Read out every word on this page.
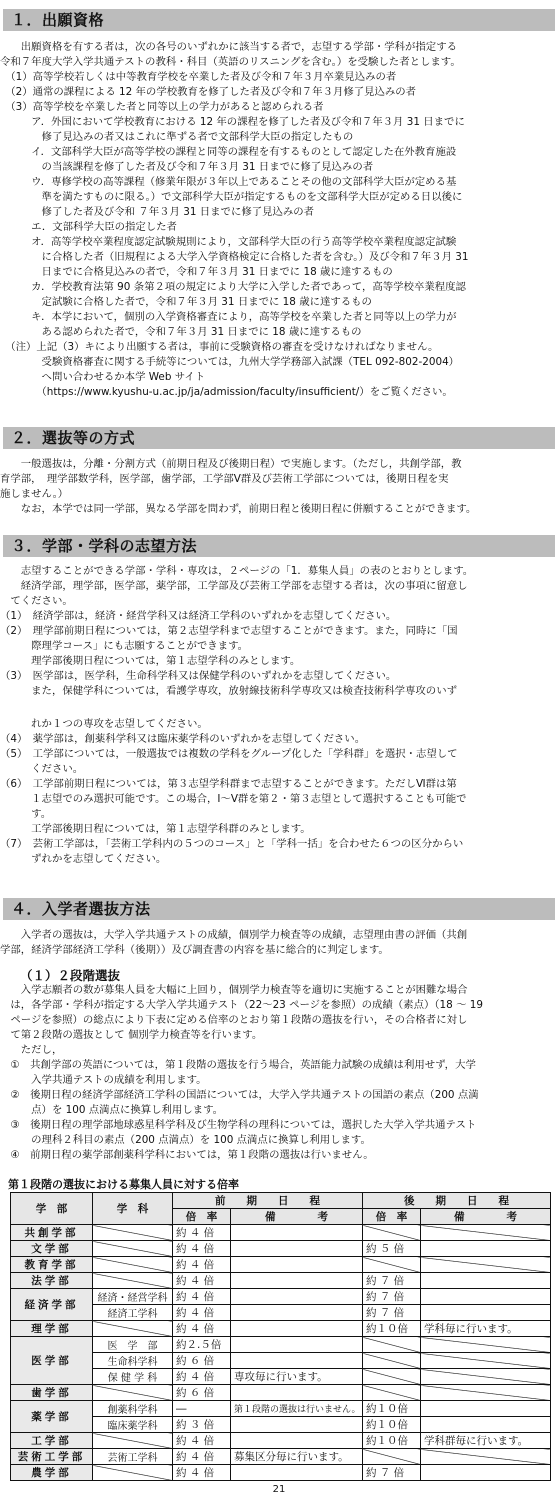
１．出願資格
　　出願資格を有する者は，次の各号のいずれかに該当する者で，志望する学部・学科が指定する
令和７年度大学入学共通テストの教科・科目（英語のリスニングを含む。）を受験した者とします。
　（1）高等学校若しくは中等教育学校を卒業した者及び令和７年３月卒業見込みの者
　（2）通常の課程による 12 年の学校教育を修了した者及び令和７年３月修了見込みの者
　（3）高等学校を卒業した者と同等以上の学力があると認められる者
　　　ア．外国において学校教育における 12 年の課程を修了した者及び令和７年３月 31 日までに
　　　　修了見込みの者又はこれに準ずる者で文部科学大臣の指定したもの
　　　イ．文部科学大臣が高等学校の課程と同等の課程を有するものとして認定した在外教育施設
　　　　の当該課程を修了した者及び令和７年３月 31 日までに修了見込みの者
　　　ウ．専修学校の高等課程（修業年限が３年以上であることその他の文部科学大臣が定める基
　　　　準を満たすものに限る。）で文部科学大臣が指定するものを文部科学大臣が定める日以後に
　　　　修了した者及び令和 ７年３月 31 日までに修了見込みの者
　　　エ．文部科学大臣の指定した者
　　　オ．高等学校卒業程度認定試験規則により，文部科学大臣の行う高等学校卒業程度認定試験
　　　　に合格した者（旧規程による大学入学資格検定に合格した者を含む。）及び令和７年３月 31
　　　　日までに合格見込みの者で，令和７年３月 31 日までに 18 歳に達するもの
　　　カ．学校教育法第 90 条第２項の規定により大学に入学した者であって，高等学校卒業程度認
　　　　定試験に合格した者で，令和７年３月 31 日までに 18 歳に達するもの
　　　キ．本学において，個別の入学資格審査により，高等学校を卒業した者と同等以上の学力が
　　　　ある認められた者で，令和７年３月 31 日までに 18 歳に達するもの
　（注）上記（3）キにより出願する者は，事前に受験資格の審査を受けなければなりません。
　　　　受験資格審査に関する手続等については，九州大学学務部入試課（TEL 092-802-2004）
　　　　へ問い合わせるか本学 Web サイト
　　　　（https://www.kyushu-u.ac.jp/ja/admission/faculty/insufficient/）をご覧ください。
２．選抜等の方式
　　一般選抜は，分離・分割方式（前期日程及び後期日程）で実施します。（ただし，共創学部，教
育学部，　理学部数学科，医学部，歯学部，工学部Ⅴ群及び芸術工学部については，後期日程を実
施しません。）
　　なお，本学では同一学部，異なる学部を問わず，前期日程と後期日程に併願することができます。
３．学部・学科の志望方法
　　志望することができる学部・学科・専攻は，２ページの「1．募集人員」の表のとおりとします。
　　経済学部，理学部，医学部，薬学部，工学部及び芸術工学部を志望する者は，次の事項に留意し
　てください。
（1）　経済学部は，経済・経営学科又は経済工学科のいずれかを志望してください。
（2）　理学部前期日程については，第２志望学科まで志望することができます。また，同時に「国
　　　際理学コース」にも志願することができます。
　　　理学部後期日程については，第１志望学科のみとします。
（3）　医学部は，医学科，生命科学科又は保健学科のいずれかを志望してください。
　　　また，保健学科については，看護学専攻，放射線技術科学専攻又は検査技術科学専攻のいず
　　　れか１つの専攻を志望してください。
（4）　薬学部は，創薬科学科又は臨床薬学科のいずれかを志望してください。
（5）　工学部については，一般選抜では複数の学科をグループ化した「学科群」を選択・志望して
　　　ください。
（6）　工学部前期日程については，第３志望学科群まで志望することができます。ただしⅥ群は第
　　　１志望でのみ選択可能です。この場合，Ⅰ～Ⅴ群を第２・第３志望として選択することも可能で
　　　す。
　　　工学部後期日程については，第１志望学科群のみとします。
（7）　芸術工学部は，「芸術工学科内の５つのコース」と「学科一括」を合わせた６つの区分からい
　　　ずれかを志望してください。
４．入学者選抜方法
　　入学者の選抜は，大学入学共通テストの成績，個別学力検査等の成績，志望理由書の評価（共創
学部，経済学部経済工学科（後期））及び調査書の内容を基に総合的に判定します。
（１）２段階選抜
　　入学志願者の数が募集人員を大幅に上回り，個別学力検査等を適切に実施することが困難な場合
　は，各学部・学科が指定する大学入学共通テスト（22～23 ページを参照）の成績（素点）（18 ～ 19
　ページを参照）の総点により下表に定める倍率のとおり第１段階の選抜を行い，その合格者に対し
　て第２段階の選抜として 個別学力検査等を行います。
　　ただし，
　①　共創学部の英語については，第１段階の選抜を行う場合，英語能力試験の成績は利用せず，大学
　　　入学共通テストの成績を利用します。
　②　後期日程の経済学部経済工学科の国語については，大学入学共通テストの国語の素点（200 点満
　　　点）を 100 点満点に換算し利用します。
　③　後期日程の理学部地球惑星科学科及び生物学科の理科については，選択した大学入学共通テスト
　　　の理科２科目の素点（200 点満点）を 100 点満点に換算し利用します。
　④　前期日程の薬学部創薬科学科においては，第１段階の選抜は行いません。
第１段階の選抜における募集人員に対する倍率
学　部	学　科	前　　期　　日　　程		後　　期　　日　　程	
		倍　率	備　　　　考	倍　率	備　　　　考
共創学部		約 ４ 倍			
文学部		約 ４ 倍		約 ５ 倍	
教育学部		約 ４ 倍			
法学部		約 ４ 倍		約 ７ 倍	
経済学部	経済・経営学科	約 ４ 倍		約 ７ 倍	
	経済工学科	約 ４ 倍		約 ７ 倍	
理学部		約 ４ 倍		約１０倍	学科毎に行います。
医学部	医　学　部	約２.５倍			
	生命科学科	約 ６ 倍			
	保 健 学 科	約 ４ 倍	専攻毎に行います。		
歯学部		約 ６ 倍			
薬学部	創薬科学科	―	第１段階の選抜は行いません。	約１０倍	
	臨床薬学科	約 ３ 倍		約１０倍	
工学部		約 ４ 倍		約１０倍	学科群毎に行います。
芸術工学部	芸術工学科	約 ４ 倍	募集区分毎に行います。		
農学部		約 ４ 倍		約 ７ 倍	
21
